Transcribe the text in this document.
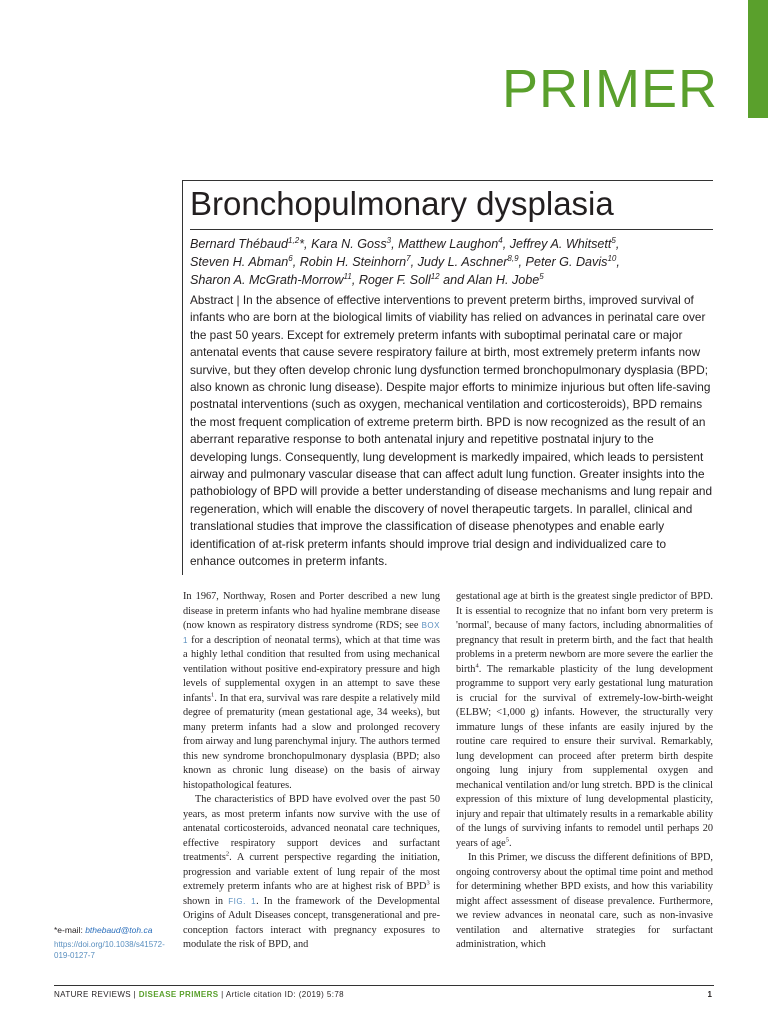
PRIMER
Bronchopulmonary dysplasia
Bernard Thébaud$^{1,2}$*, Kara N. Goss$^3$, Matthew Laughon$^4$, Jeffrey A. Whitsett$^5$,
Steven H. Abman$^6$, Robin H. Steinhorn$^7$, Judy L. Aschner$^{8,9}$, Peter G. Davis$^{10}$,
Sharon A. McGrath-Morrow$^{11}$, Roger F. Soll$^{12}$ and Alan H. Jobe$^5$
Abstract | In the absence of effective interventions to prevent preterm births, improved survival of infants who are born at the biological limits of viability has relied on advances in perinatal care over the past 50 years. Except for extremely preterm infants with suboptimal perinatal care or major antenatal events that cause severe respiratory failure at birth, most extremely preterm infants now survive, but they often develop chronic lung dysfunction termed bronchopulmonary dysplasia (BPD; also known as chronic lung disease). Despite major efforts to minimize injurious but often life-saving postnatal interventions (such as oxygen, mechanical ventilation and corticosteroids), BPD remains the most frequent complication of extreme preterm birth. BPD is now recognized as the result of an aberrant reparative response to both antenatal injury and repetitive postnatal injury to the developing lungs. Consequently, lung development is markedly impaired, which leads to persistent airway and pulmonary vascular disease that can affect adult lung function. Greater insights into the pathobiology of BPD will provide a better understanding of disease mechanisms and lung repair and regeneration, which will enable the discovery of novel therapeutic targets. In parallel, clinical and translational studies that improve the classification of disease phenotypes and enable early identification of at-risk preterm infants should improve trial design and individualized care to enhance outcomes in preterm infants.

In 1967, Northway, Rosen and Porter described a new lung disease in preterm infants who had hyaline membrane disease (now known as respiratory distress syndrome (RDS; see BOX 1 for a description of neonatal terms), which at that time was a highly lethal condition that resulted from using mechanical ventilation without positive end-expiratory pressure and high levels of supplemental oxygen in an attempt to save these infants$^1$. In that era, survival was rare despite a relatively mild degree of prematurity (mean gestational age, 34 weeks), but many preterm infants had a slow and prolonged recovery from airway and lung parenchymal injury. The authors termed this new syndrome bronchopulmonary dysplasia (BPD; also known as chronic lung disease) on the basis of airway histopathological features.

The characteristics of BPD have evolved over the past 50 years, as most preterm infants now survive with the use of antenatal corticosteroids, advanced neonatal care techniques, effective respiratory support devices and surfactant treatments$^2$. A current perspective regarding the initiation, progression and variable extent of lung repair of the most extremely preterm infants who are at highest risk of BPD$^3$ is shown in FIG. 1. In the framework of the Developmental Origins of Adult Diseases concept, transgenerational and pre-conception factors interact with pregnancy exposures to modulate the risk of BPD, and

gestational age at birth is the greatest single predictor of BPD. It is essential to recognize that no infant born very preterm is 'normal', because of many factors, including abnormalities of pregnancy that result in preterm birth, and the fact that health problems in a preterm newborn are more severe the earlier the birth$^4$. The remarkable plasticity of the lung development programme to support very early gestational lung maturation is crucial for the survival of extremely-low-birth-weight (ELBW; <1,000 g) infants. However, the structurally very immature lungs of these infants are easily injured by the routine care required to ensure their survival. Remarkably, lung development can proceed after preterm birth despite ongoing lung injury from supplemental oxygen and mechanical ventilation and/or lung stretch. BPD is the clinical expression of this mixture of lung developmental plasticity, injury and repair that ultimately results in a remarkable ability of the lungs of surviving infants to remodel until perhaps 20 years of age$^5$.

In this Primer, we discuss the different definitions of BPD, ongoing controversy about the optimal time point and method for determining whether BPD exists, and how this variability might affect assessment of disease prevalence. Furthermore, we review advances in neonatal care, such as non-invasive ventilation and alternative strategies for surfactant administration, which

*e-mail: bthebaud@toh.ca
https://doi.org/10.1038/s41572-019-0127-7
NATURE REVIEWS | DISEASE PRIMERS | Article citation ID: (2019) 5:78	1
